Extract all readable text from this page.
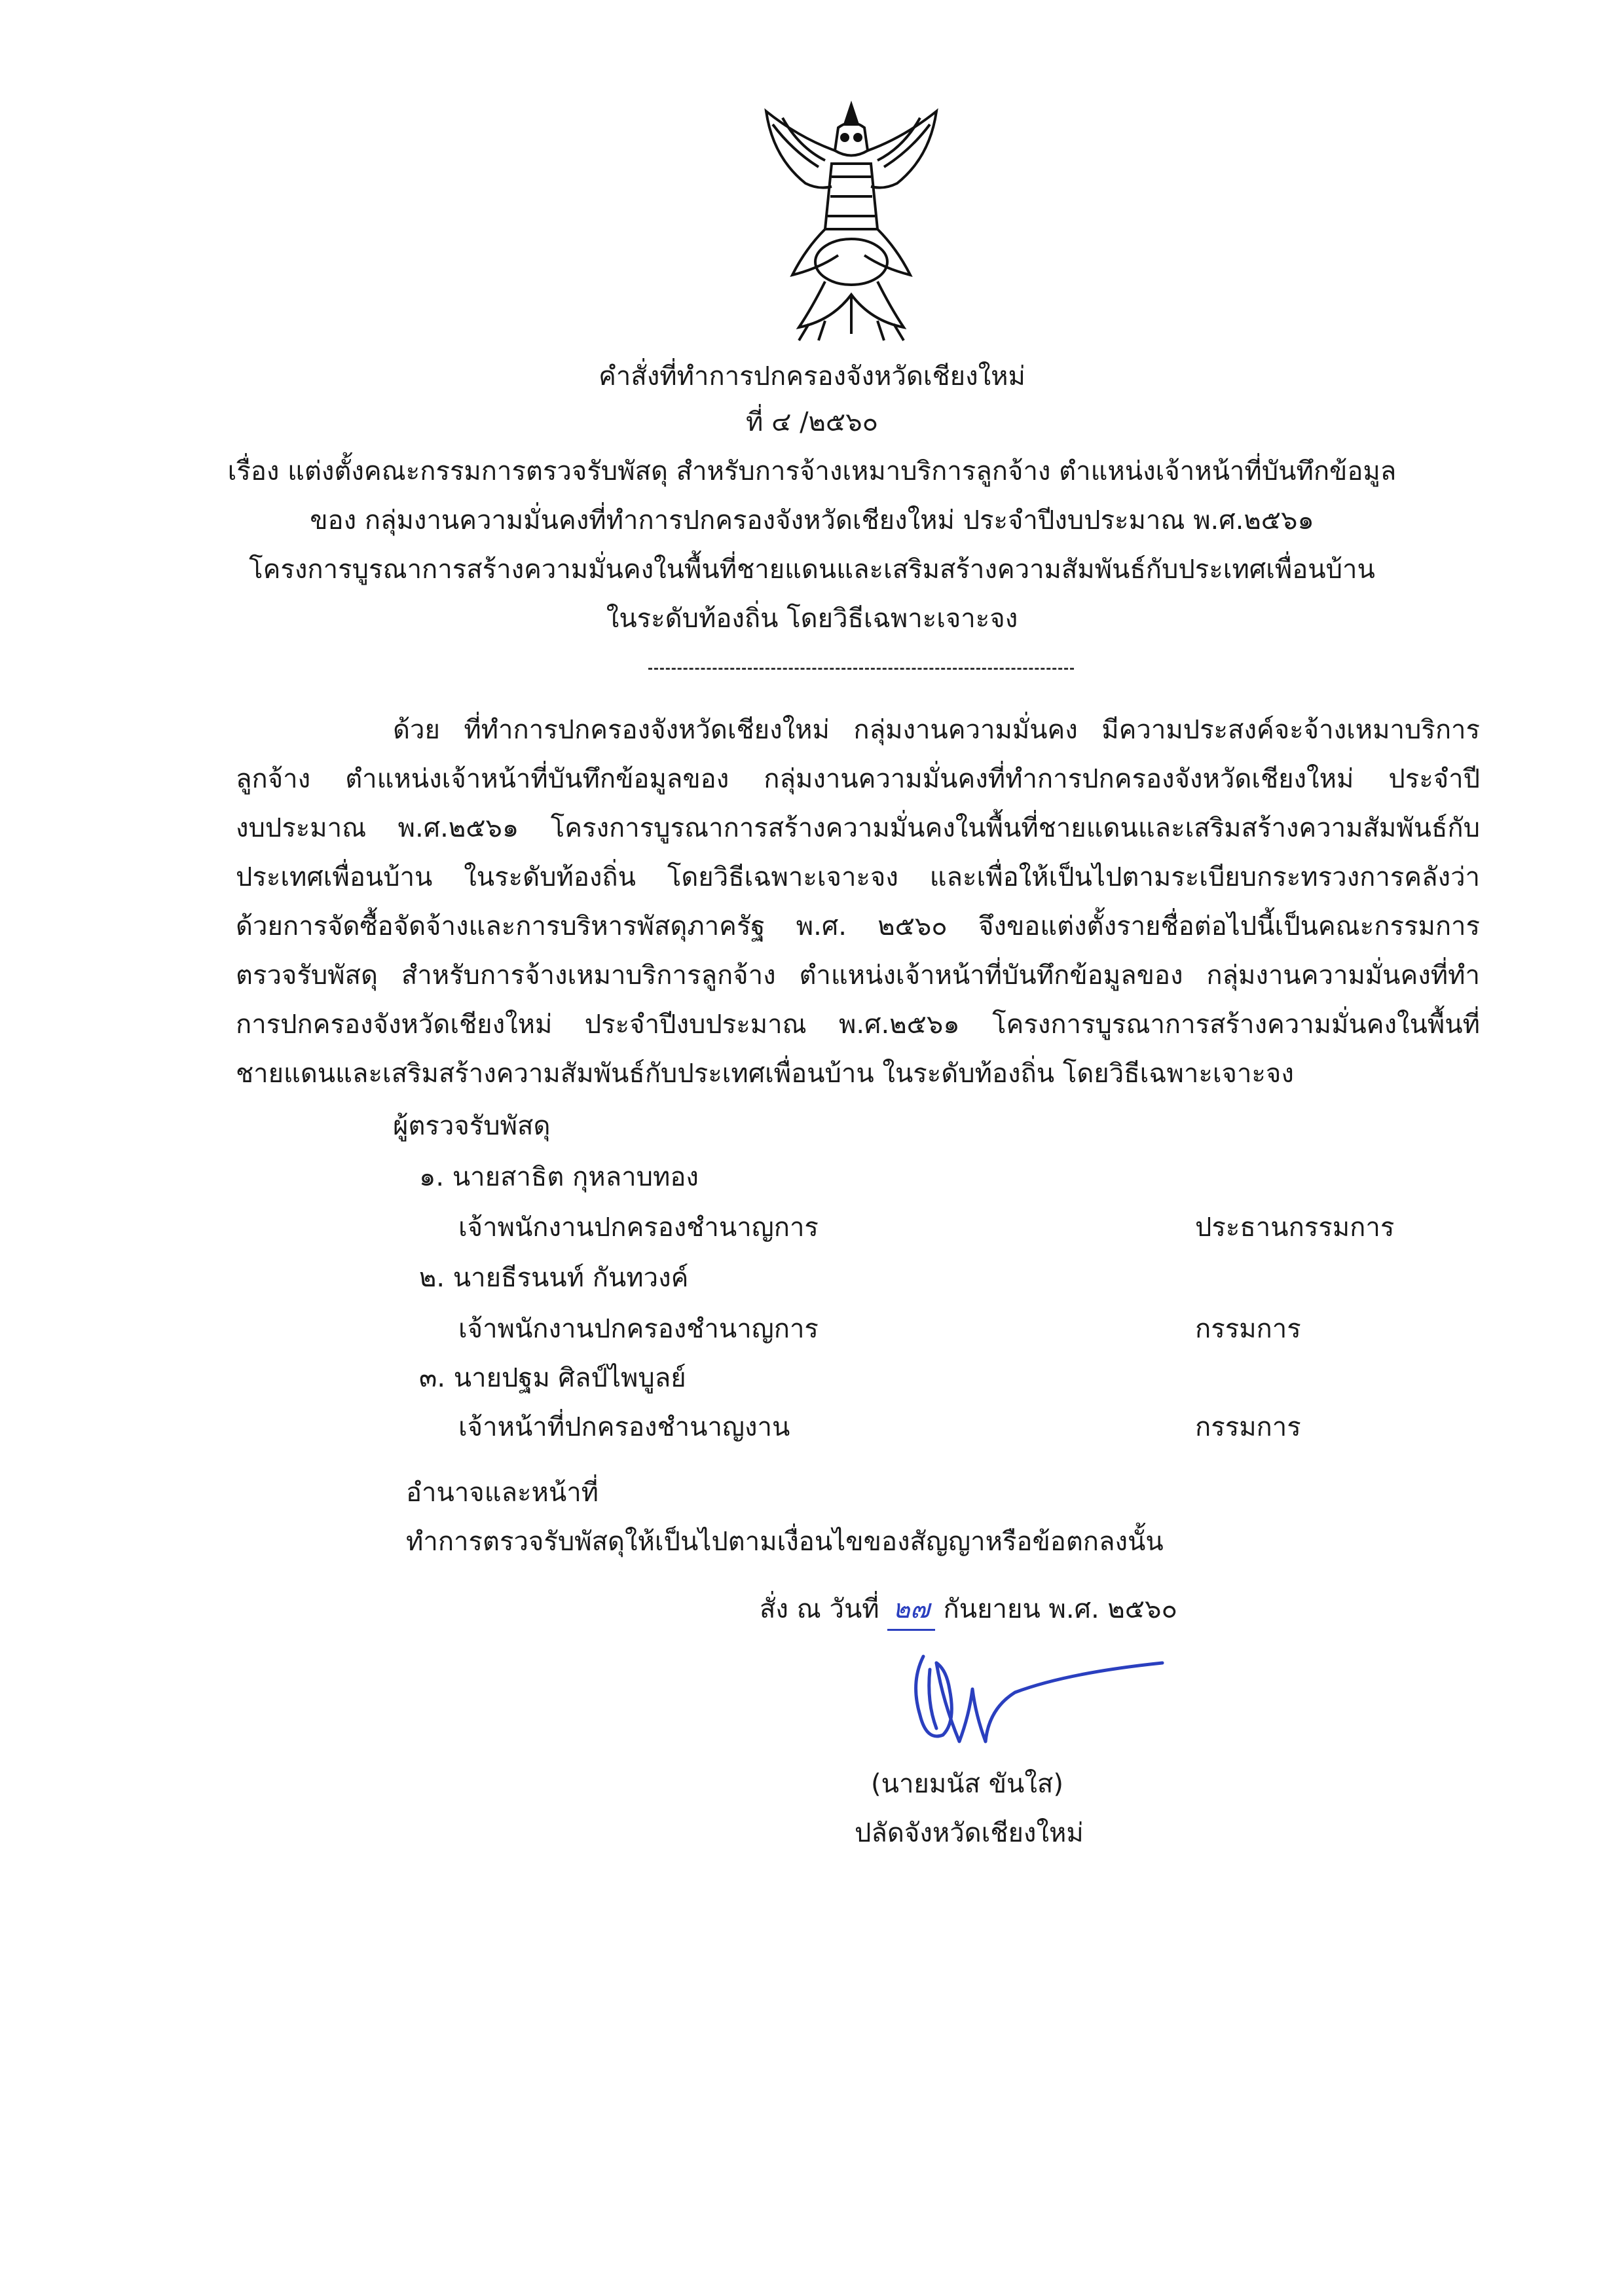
คำสั่งที่ทำการปกครองจังหวัดเชียงใหม่
ที่ ๔ /๒๕๖๐
เรื่อง แต่งตั้งคณะกรรมการตรวจรับพัสดุ สำหรับการจ้างเหมาบริการลูกจ้าง ตำแหน่งเจ้าหน้าที่บันทึกข้อมูล
ของ กลุ่มงานความมั่นคงที่ทำการปกครองจังหวัดเชียงใหม่ ประจำปีงบประมาณ พ.ศ.๒๕๖๑
โครงการบูรณาการสร้างความมั่นคงในพื้นที่ชายแดนและเสริมสร้างความสัมพันธ์กับประเทศเพื่อนบ้าน
ในระดับท้องถิ่น โดยวิธีเฉพาะเจาะจง
ด้วย ที่ทำการปกครองจังหวัดเชียงใหม่ กลุ่มงานความมั่นคง มีความประสงค์จะจ้างเหมาบริการ
ลูกจ้าง ตำแหน่งเจ้าหน้าที่บันทึกข้อมูลของ กลุ่มงานความมั่นคงที่ทำการปกครองจังหวัดเชียงใหม่ ประจำปี
งบประมาณ พ.ศ.๒๕๖๑ โครงการบูรณาการสร้างความมั่นคงในพื้นที่ชายแดนและเสริมสร้างความสัมพันธ์กับ
ประเทศเพื่อนบ้าน ในระดับท้องถิ่น โดยวิธีเฉพาะเจาะจง และเพื่อให้เป็นไปตามระเบียบกระทรวงการคลังว่า
ด้วยการจัดซื้อจัดจ้างและการบริหารพัสดุภาครัฐ พ.ศ. ๒๕๖๐ จึงขอแต่งตั้งรายชื่อต่อไปนี้เป็นคณะกรรมการ
ตรวจรับพัสดุ สำหรับการจ้างเหมาบริการลูกจ้าง ตำแหน่งเจ้าหน้าที่บันทึกข้อมูลของ กลุ่มงานความมั่นคงที่ทำ
การปกครองจังหวัดเชียงใหม่ ประจำปีงบประมาณ พ.ศ.๒๕๖๑ โครงการบูรณาการสร้างความมั่นคงในพื้นที่
ชายแดนและเสริมสร้างความสัมพันธ์กับประเทศเพื่อนบ้าน ในระดับท้องถิ่น โดยวิธีเฉพาะเจาะจง
ผู้ตรวจรับพัสดุ
๑. นายสาธิต กุหลาบทอง
เจ้าพนักงานปกครองชำนาญการ	ประธานกรรมการ
๒. นายธีรนนท์ กันทวงค์
เจ้าพนักงานปกครองชำนาญการ	กรรมการ
๓. นายปฐม ศิลป์ไพบูลย์
เจ้าหน้าที่ปกครองชำนาญงาน	กรรมการ
อำนาจและหน้าที่
ทำการตรวจรับพัสดุให้เป็นไปตามเงื่อนไขของสัญญาหรือข้อตกลงนั้น
สั่ง ณ วันที่ ๒๗ กันยายน พ.ศ. ๒๕๖๐
(นายมนัส ขันใส)
ปลัดจังหวัดเชียงใหม่
